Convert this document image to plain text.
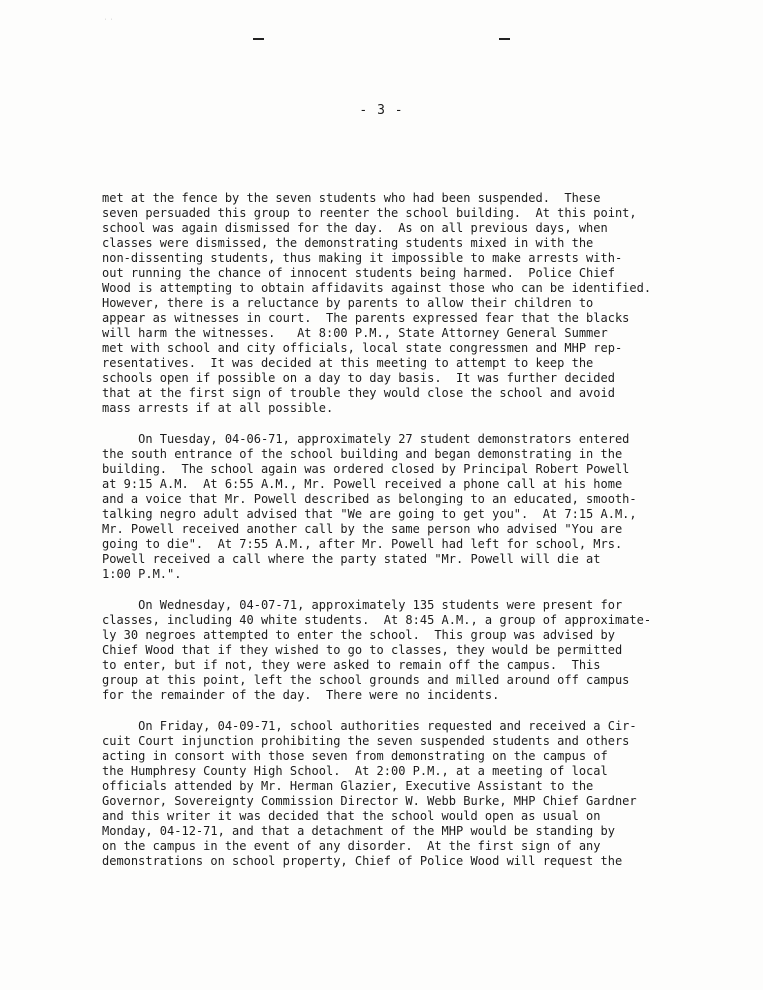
· ·
- 3 -
met at the fence by the seven students who had been suspended.  These
seven persuaded this group to reenter the school building.  At this point,
school was again dismissed for the day.  As on all previous days, when
classes were dismissed, the demonstrating students mixed in with the
non-dissenting students, thus making it impossible to make arrests with-
out running the chance of innocent students being harmed.  Police Chief
Wood is attempting to obtain affidavits against those who can be identified.
However, there is a reluctance by parents to allow their children to
appear as witnesses in court.  The parents expressed fear that the blacks
will harm the witnesses.   At 8:00 P.M., State Attorney General Summer
met with school and city officials, local state congressmen and MHP rep-
resentatives.  It was decided at this meeting to attempt to keep the
schools open if possible on a day to day basis.  It was further decided
that at the first sign of trouble they would close the school and avoid
mass arrests if at all possible.
On Tuesday, 04-06-71, approximately 27 student demonstrators entered
the south entrance of the school building and began demonstrating in the
building.  The school again was ordered closed by Principal Robert Powell
at 9:15 A.M.  At 6:55 A.M., Mr. Powell received a phone call at his home
and a voice that Mr. Powell described as belonging to an educated, smooth-
talking negro adult advised that "We are going to get you".  At 7:15 A.M.,
Mr. Powell received another call by the same person who advised "You are
going to die".  At 7:55 A.M., after Mr. Powell had left for school, Mrs.
Powell received a call where the party stated "Mr. Powell will die at
1:00 P.M.".
On Wednesday, 04-07-71, approximately 135 students were present for
classes, including 40 white students.  At 8:45 A.M., a group of approximate-
ly 30 negroes attempted to enter the school.  This group was advised by
Chief Wood that if they wished to go to classes, they would be permitted
to enter, but if not, they were asked to remain off the campus.  This
group at this point, left the school grounds and milled around off campus
for the remainder of the day.  There were no incidents.
On Friday, 04-09-71, school authorities requested and received a Cir-
cuit Court injunction prohibiting the seven suspended students and others
acting in consort with those seven from demonstrating on the campus of
the Humphresy County High School.  At 2:00 P.M., at a meeting of local
officials attended by Mr. Herman Glazier, Executive Assistant to the
Governor, Sovereignty Commission Director W. Webb Burke, MHP Chief Gardner
and this writer it was decided that the school would open as usual on
Monday, 04-12-71, and that a detachment of the MHP would be standing by
on the campus in the event of any disorder.  At the first sign of any
demonstrations on school property, Chief of Police Wood will request the
